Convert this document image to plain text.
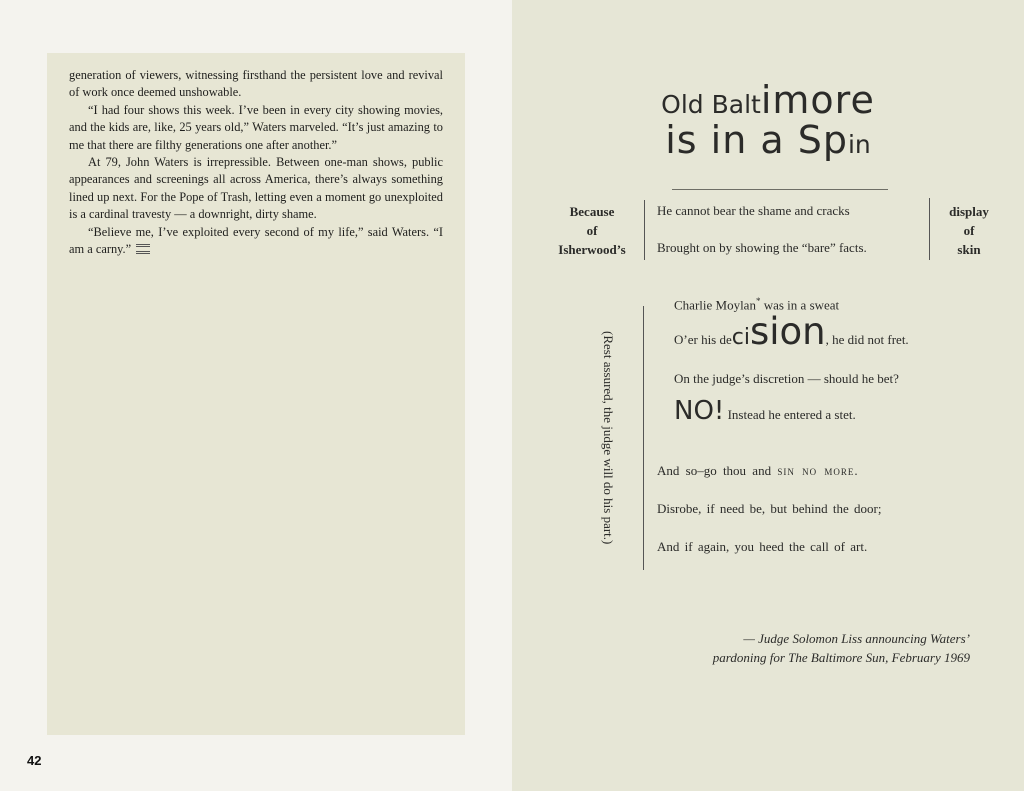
generation of viewers, witnessing firsthand the persistent love and revival of work once deemed unshowable.

“I had four shows this week. I’ve been in every city showing movies, and the kids are, like, 25 years old,” Waters marveled. “It’s just amazing to me that there are filthy generations one after another.”

At 79, John Waters is irrepressible. Between one-man shows, public appearances and screenings all across America, there’s always something lined up next. For the Pope of Trash, letting even a moment go unexploited is a cardinal travesty — a downright, dirty shame.

“Believe me, I’ve exploited every second of my life,” said Waters. “I am a carny.”

42
Old Baltimore
is in a Spin
Because
of
Isherwood’s
He cannot bear the shame and cracks
Brought on by showing the “bare” facts.
display
of
skin
(Rest assured, the judge will do his part.)
Charlie Moylan* was in a sweat
O’er his decision, he did not fret.
On the judge’s discretion — should he bet?
NO! Instead he entered a stet.
And so–go thou and sin no more.
Disrobe, if need be, but behind the door;
And if again, you heed the call of art.
— Judge Solomon Liss announcing Waters’
pardoning for The Baltimore Sun, February 1969
